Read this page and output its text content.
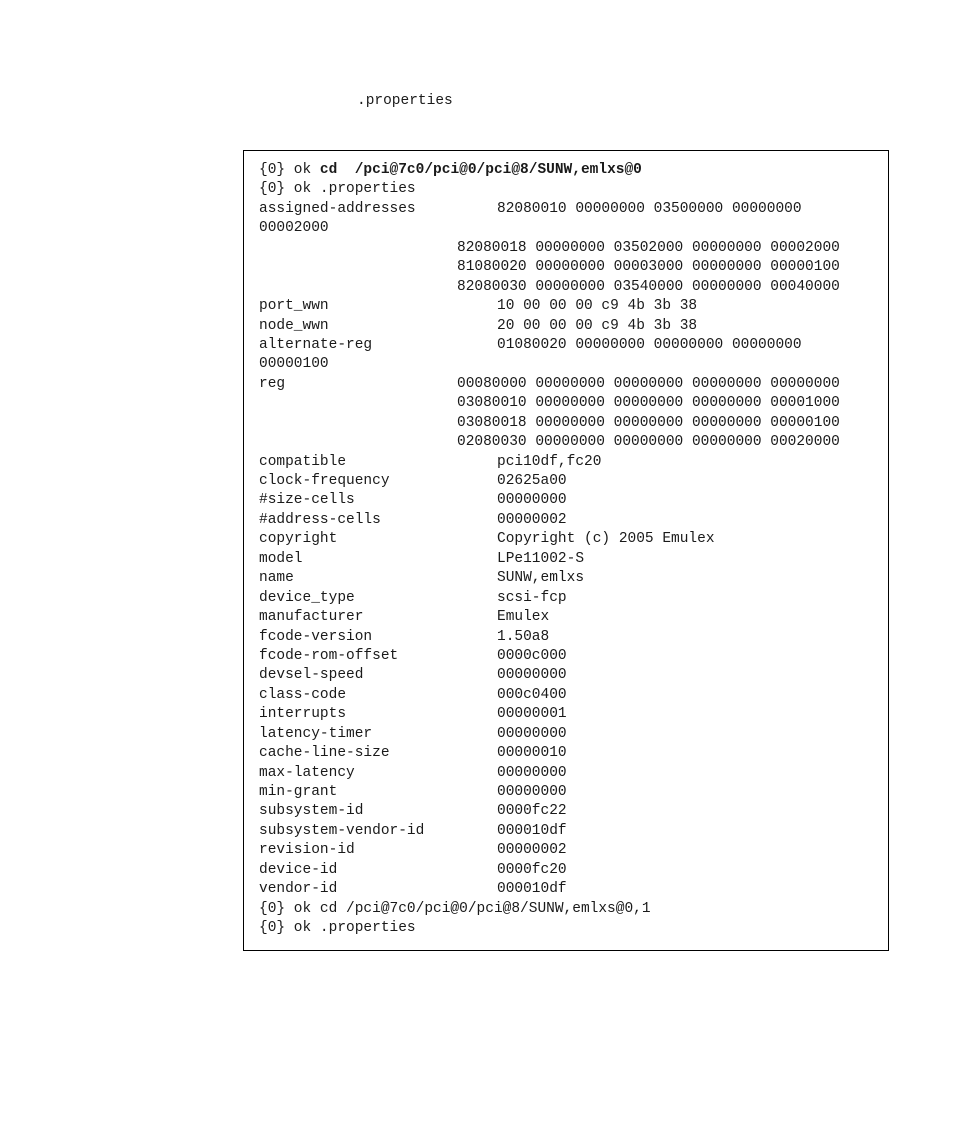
.properties
{0} ok cd  /pci@7c0/pci@0/pci@8/SUNW,emlxs@0
{0} ok .properties
assigned-addresses	82080010 00000000 03500000 00000000
00002000
82080018 00000000 03502000 00000000 00002000
81080020 00000000 00003000 00000000 00000100
82080030 00000000 03540000 00000000 00040000
port_wwn	10 00 00 00 c9 4b 3b 38
node_wwn	20 00 00 00 c9 4b 3b 38
alternate-reg	01080020 00000000 00000000 00000000
00000100
reg	00080000 00000000 00000000 00000000 00000000
03080010 00000000 00000000 00000000 00001000
03080018 00000000 00000000 00000000 00000100
02080030 00000000 00000000 00000000 00020000
compatible	pci10df,fc20
clock-frequency	02625a00
#size-cells	00000000
#address-cells	00000002
copyright	Copyright (c) 2005 Emulex
model	LPe11002-S
name	SUNW,emlxs
device_type	scsi-fcp
manufacturer	Emulex
fcode-version	1.50a8
fcode-rom-offset	0000c000
devsel-speed	00000000
class-code	000c0400
interrupts	00000001
latency-timer	00000000
cache-line-size	00000010
max-latency	00000000
min-grant	00000000
subsystem-id	0000fc22
subsystem-vendor-id	000010df
revision-id	00000002
device-id	0000fc20
vendor-id	000010df
{0} ok cd /pci@7c0/pci@0/pci@8/SUNW,emlxs@0,1
{0} ok .properties
